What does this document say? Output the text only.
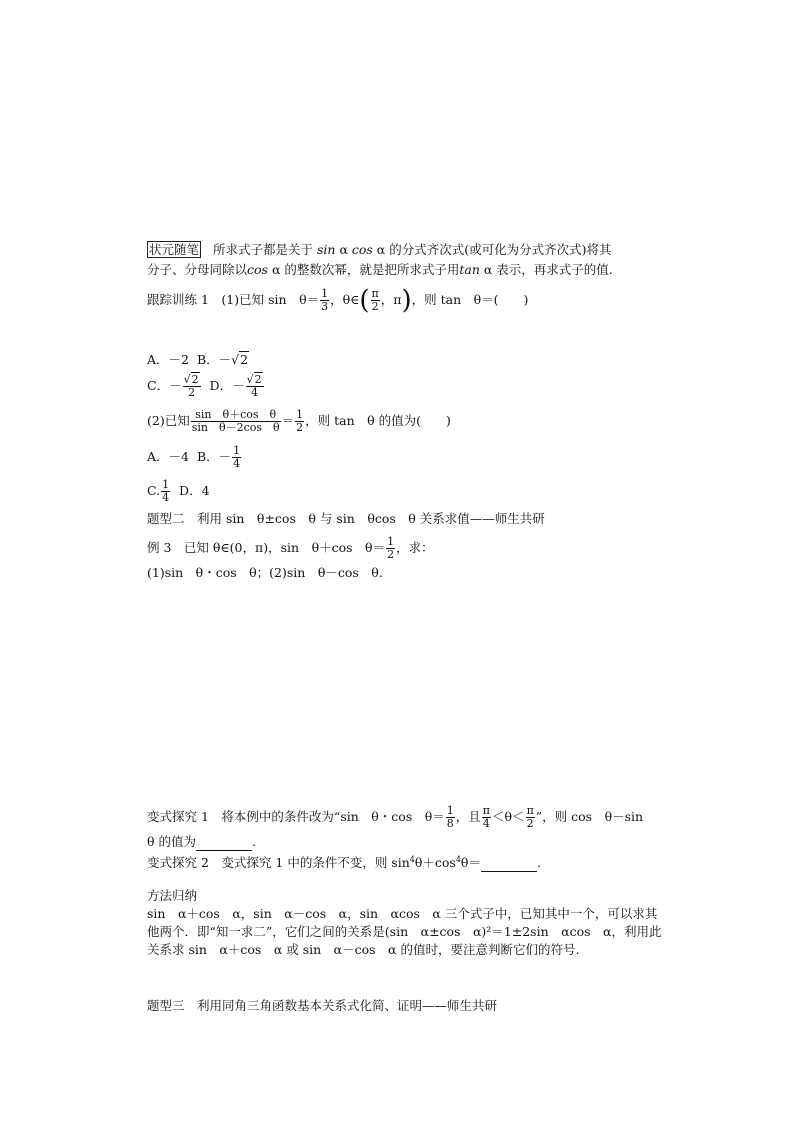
状元随笔 所求式子都是关于 sin α cos α 的分式齐次式(或可化为分式齐次式)将其
分子、分母同除以cos α 的整数次幂，就是把所求式子用tan α 表示，再求式子的值.
跟踪训练 1　(1)已知 sin　$\theta= \frac{1}{3}$ ，θ∈( $\frac{\pi}{2}$ ，π)，则 tan　θ＝(　　)
A．－2 B．－√2
C．－ $\frac{√2}{2}$ D．－ $\frac{√2}{4}$
(2)已知 $\frac{\text{sin　θ＋cos　θ}}{\text{sin　θ－2cos　θ}} = \frac{1}{2}$ ，则 tan　θ 的值为(　　)
A．－4 B．－ $\frac{1}{4}$
C. $\frac{1}{4}$ D．4
题型二　利用 sin　θ±cos　θ 与 sin　θcos　θ 关系求值——师生共研
例 3　已知 θ∈(0，π)，sin　θ＋cos　$\theta= \frac{1}{2}$ ，求：
(1)sin　θ・cos　θ；(2)sin　θ－cos　θ.
变式探究 1　将本例中的条件改为“sin　θ・cos　$\theta= \frac{1}{8}$ ，且 $\frac{\pi}{4} <\theta< \frac{\pi}{2}$ ”，则 cos　θ－sin
θ 的值为	.
变式探究 2　变式探究 1 中的条件不变，则 $\sin^4\theta+\cos^4\theta=$	.
方法归纳
sin　α＋cos　α，sin　α－cos　α，sin　αcos　α 三个式子中，已知其中一个，可以求其
他两个．即“知一求二”，它们之间的关系是(sin　α±cos　α)²＝1±2sin　αcos　α，利用此
关系求 sin　α＋cos　α 或 sin　α－cos　α 的值时，要注意判断它们的符号.
题型三　利用同角三角函数基本关系式化简、证明——师生共研
